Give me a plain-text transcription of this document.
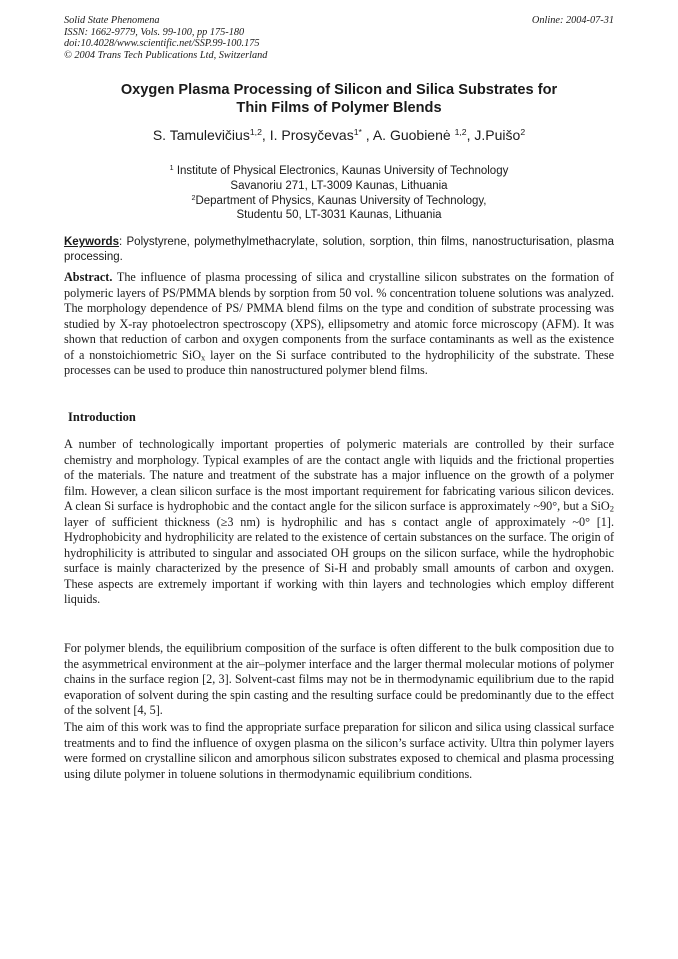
Solid State Phenomena
ISSN: 1662-9779, Vols. 99-100, pp 175-180
doi:10.4028/www.scientific.net/SSP.99-100.175
© 2004 Trans Tech Publications Ltd, Switzerland
Online: 2004-07-31
Oxygen Plasma Processing of Silicon and Silica Substrates for
Thin Films of Polymer Blends
S. Tamulevičius$^{1,2}$, I. Prosyčevas$^{1*}$ , A. Guobienė $^{1,2}$, J.Puišo$^2$
$^1$ Institute of Physical Electronics, Kaunas University of Technology
Savanoriu 271, LT-3009 Kaunas, Lithuania
$^2$Department of Physics, Kaunas University of Technology,
Studentu 50, LT-3031 Kaunas, Lithuania
Keywords: Polystyrene, polymethylmethacrylate, solution, sorption, thin films, nanostructurisation, plasma processing.
Abstract. The influence of plasma processing of silica and crystalline silicon substrates on the formation of polymeric layers of PS/PMMA blends by sorption from 50 vol. % concentration toluene solutions was analyzed. The morphology dependence of PS/ PMMA blend films on the type and condition of substrate processing was studied by X-ray photoelectron spectroscopy (XPS), ellipsometry and atomic force microscopy (AFM). It was shown that reduction of carbon and oxygen components from the surface contaminants as well as the existence of a nonstoichiometric SiO$_x$ layer on the Si surface contributed to the hydrophilicity of the substrate. These processes can be used to produce thin nanostructured polymer blend films.
Introduction
A number of technologically important properties of polymeric materials are controlled by their surface chemistry and morphology. Typical examples of are the contact angle with liquids and the frictional properties of the materials. The nature and treatment of the substrate has a major influence on the growth of a polymer film. However, a clean silicon surface is the most important requirement for fabricating various silicon devices. A clean Si surface is hydrophobic and the contact angle for the silicon surface is approximately ~90°, but a SiO$_2$ layer of sufficient thickness (≥3 nm) is hydrophilic and has s contact angle of approximately ~0° [1]. Hydrophobicity and hydrophilicity are related to the existence of certain substances on the surface. The origin of hydrophilicity is attributed to singular and associated OH groups on the silicon surface, while the hydrophobic surface is mainly characterized by the presence of Si-H and probably small amounts of carbon and oxygen. These aspects are extremely important if working with thin layers and technologies which employ different liquids.
For polymer blends, the equilibrium composition of the surface is often different to the bulk composition due to the asymmetrical environment at the air–polymer interface and the larger thermal molecular motions of polymer chains in the surface region [2, 3]. Solvent-cast films may not be in thermodynamic equilibrium due to the rapid evaporation of solvent during the spin casting and the resulting surface could be predominantly due to the effect of the solvent [4, 5].
The aim of this work was to find the appropriate surface preparation for silicon and silica using classical surface treatments and to find the influence of oxygen plasma on the silicon’s surface activity. Ultra thin polymer layers were formed on crystalline silicon and amorphous silicon substrates exposed to chemical and plasma processing using dilute polymer in toluene solutions in thermodynamic equilibrium conditions.
